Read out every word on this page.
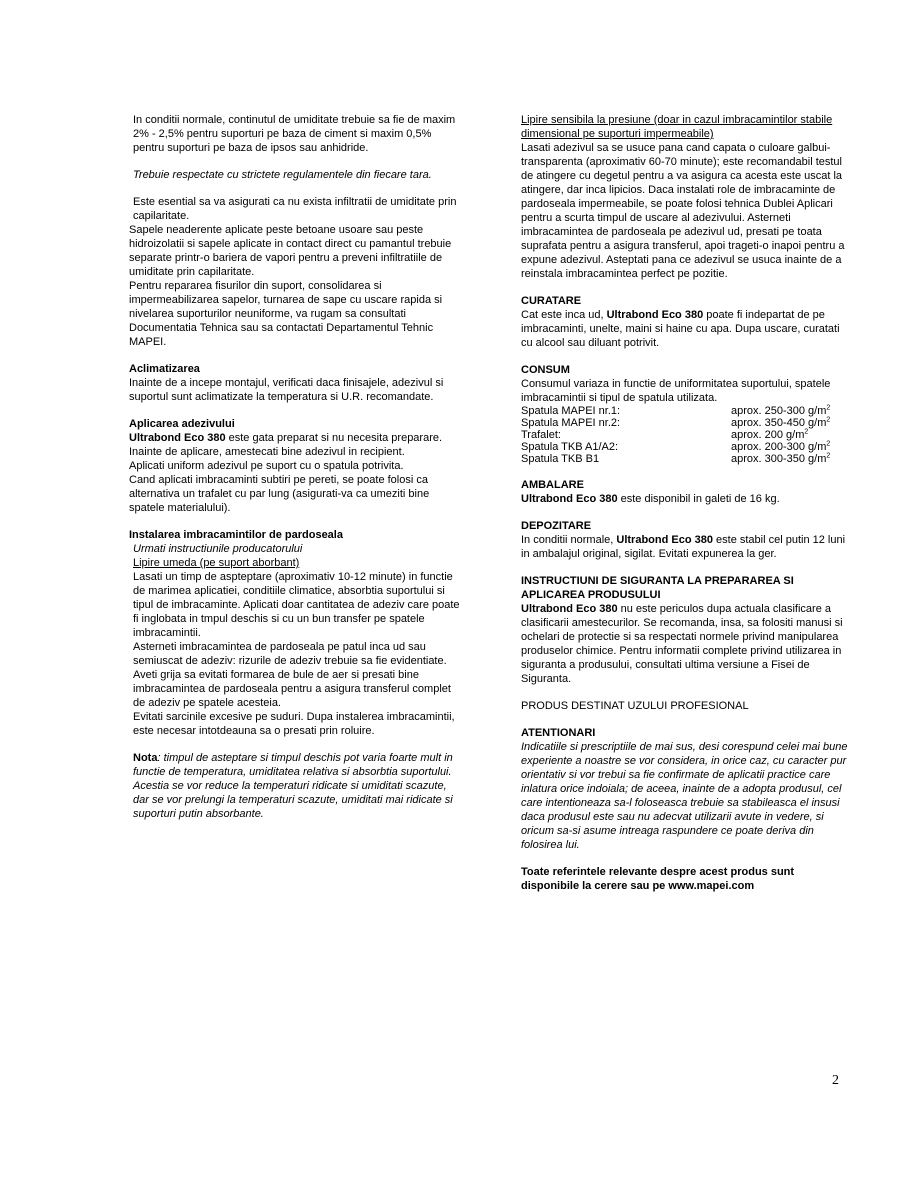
In conditii normale, continutul de umiditate trebuie sa fie de maxim 2% - 2,5% pentru suporturi pe baza de ciment si maxim 0,5% pentru suporturi pe baza de ipsos sau anhidride.

Trebuie respectate cu strictete regulamentele din fiecare tara.

Este esential sa va asigurati ca nu exista infiltratii de umiditate prin capilaritate.

Sapele neaderente aplicate peste betoane usoare sau peste hidroizolatii si sapele aplicate in contact direct cu pamantul trebuie separate printr-o bariera de vapori pentru a preveni infiltratiile de umiditate prin capilaritate.

Pentru repararea fisurilor din suport, consolidarea si impermeabilizarea sapelor, turnarea de sape cu uscare rapida si nivelarea suporturilor neuniforme, va rugam sa consultati Documentatia Tehnica sau sa contactati Departamentul Tehnic MAPEI.

Aclimatizarea

Inainte de a incepe montajul, verificati daca finisajele, adezivul si suportul sunt aclimatizate la temperatura si U.R. recomandate.

Aplicarea adezivului

Ultrabond Eco 380 este gata preparat si nu necesita preparare. Inainte de aplicare, amestecati bine adezivul in recipient.

Aplicati uniform adezivul pe suport cu o spatula potrivita.

Cand aplicati imbracaminti subtiri pe pereti, se poate folosi ca alternativa un trafalet cu par lung (asigurati-va ca umeziti bine spatele materialului).

Instalarea imbracamintilor de pardoseala

Urmati instructiunile producatorului

Lipire umeda (pe suport aborbant)

Lasati un timp de aspteptare (aproximativ 10-12 minute) in functie de marimea aplicatiei, conditiile climatice, absorbtia suportului si tipul de imbracaminte. Aplicati doar cantitatea de adeziv care poate fi inglobata in tmpul deschis si cu un bun transfer pe spatele imbracamintii.

Asterneti imbracamintea de pardoseala pe patul inca ud sau semiuscat de adeziv: rizurile de adeziv trebuie sa fie evidentiate.

Aveti grija sa evitati formarea de bule de aer si presati bine imbracamintea de pardoseala pentru a asigura transferul complet de adeziv pe spatele acesteia.

Evitati sarcinile excesive pe suduri. Dupa instalerea imbracamintii, este necesar intotdeauna sa o presati prin roluire.

Nota: timpul de asteptare si timpul deschis pot varia foarte mult in functie de temperatura, umiditatea relativa si absorbtia suportului. Acestia se vor reduce la temperaturi ridicate si umiditati scazute, dar se vor prelungi la temperaturi scazute, umiditati mai ridicate si suporturi putin absorbante.

Lipire sensibila la presiune (doar in cazul imbracamintilor stabile dimensional pe suporturi impermeabile)

Lasati adezivul sa se usuce pana cand capata o culoare galbui-transparenta (aproximativ 60-70 minute); este recomandabil testul de atingere cu degetul pentru a va asigura ca acesta este uscat la atingere, dar inca lipicios. Daca instalati role de imbracaminte de pardoseala impermeabile, se poate folosi tehnica Dublei Aplicari pentru a scurta timpul de uscare al adezivului. Asterneti imbracamintea de pardoseala pe adezivul ud, presati pe toata suprafata pentru a asigura transferul, apoi trageti-o inapoi pentru a expune adezivul. Asteptati pana ce adezivul se usuca inainte de a reinstala imbracamintea perfect pe pozitie.

CURATARE

Cat este inca ud, Ultrabond Eco 380 poate fi indepartat de pe imbracaminti, unelte, maini si haine cu apa. Dupa uscare, curatati cu alcool sau diluant potrivit.

CONSUM

Consumul variaza in functie de uniformitatea suportului, spatele imbracamintii si tipul de spatula utilizata.

Spatula MAPEI nr.1:	aprox. 250-300 $g/m^2$
Spatula MAPEI nr.2:	aprox. 350-450 $g/m^2$
Trafalet:	aprox. 200 $g/m^2$
Spatula TKB A1/A2:	aprox. 200-300 $g/m^2$
Spatula TKB B1	aprox. 300-350 $g/m^2$

AMBALARE

Ultrabond Eco 380 este disponibil in galeti de 16 kg.

DEPOZITARE

In conditii normale, Ultrabond Eco 380 este stabil cel putin 12 luni in ambalajul original, sigilat. Evitati expunerea la ger.

INSTRUCTIUNI DE SIGURANTA LA PREPARAREA SI APLICAREA PRODUSULUI

Ultrabond Eco 380 nu este periculos dupa actuala clasificare a clasificarii amestecurilor. Se recomanda, insa, sa folositi manusi si ochelari de protectie si sa respectati normele privind manipularea produselor chimice. Pentru informatii complete privind utilizarea in siguranta a produsului, consultati ultima versiune a Fisei de Siguranta.

PRODUS DESTINAT UZULUI PROFESIONAL

ATENTIONARI

Indicatiile si prescriptiile de mai sus, desi corespund celei mai bune experiente a noastre se vor considera, in orice caz, cu caracter pur orientativ si vor trebui sa fie confirmate de aplicatii practice care inlatura orice indoiala; de aceea, inainte de a adopta produsul, cel care intentioneaza sa-l foloseasca trebuie sa stabileasca el insusi daca produsul este sau nu adecvat utilizarii avute in vedere, si oricum sa-si asume intreaga raspundere ce poate deriva din folosirea lui.

Toate referintele relevante despre acest produs sunt disponibile la cerere sau pe www.mapei.com

2
